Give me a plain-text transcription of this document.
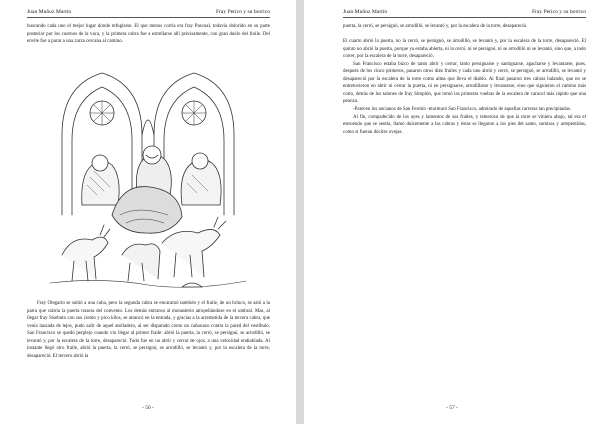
Juan Muñoz Martín	Fray Perico y su borrico

buscando cada uno el mejor lugar donde refugiarse. El que menos corría era fray Pascual, todavía dolorido en su parte posterior por los cuernos de la vaca, y la primera cabra fue a estrellarse allí precisamente, con gran duelo del fraile. Del envite fue a parar a una zarza cercana al camino.

Fray Olegario se subió a una cuba, pero la segunda cabra se encaramó también y el fraile, de un brinco, se asió a la parra que cubría la puerta trasera del convento. Los demás entraron al monasterio atropellándose en el umbral. Mas, al llegar fray Sisebuto con sus ciento y pico kilos, se atrancó en la entrada, y gracias a la arremetida de la tercera cabra, que venía lanzada de lejos, pudo salir de aquel atolladero, al ser disparado como un cañonazo contra la pared del vestíbulo. San Francisco se quedó perplejo cuando vio llegar al primer fraile: abrió la puerta, la cerró, se persignó, se arrodilló, se levantó y, por la escalera de la torre, desapareció. Todo fue en un abrir y cerrar de ojos, a una velocidad endiablada. Al instante llegó otro fraile, abrió la puerta, la cerró, se persignó, se arrodilló, se levantó y, por la escalera de la torre, desapareció. El tercero abrió la

- 56 -
Juan Muñoz Martín	Fray Perico y su borrico

puerta, la cerró, se persignó, se arrodilló, se levantó y, por la escalera de la torre, desapareció.

El cuarto abrió la puerta, no la cerró, se persignó, se arrodilló, se levantó y, por la escalera de la torre, desapareció. El quinto no abrió la puerta, porque ya estaba abierta, ni la cerró, ni se persignó, ni se arrodilló ni se levantó, sino que, a todo correr, por la escalera de la torre, desapareció.

San Francisco estaba bizco de tanto abrir y cerrar, tanto persignarse y santiguarse, agacharse y levantarse, pues, después de los cinco primeros, pasaron otros diez frailes y cada uno abrió y cerró, se persignó, se arrodilló, se levantó y desapareció por la escalera de la torre como alma que lleva el diablo. Al final pasaron tres cabras balando, que no se entretuvieron en abrir ni cerrar la puerta, ni en persignarse, arrodillarse y levantarse, sino que siguieron el camino más corto, detrás de los talones de fray Simplón, que tomó las primeras vueltas de la escalera de caracol más rápido que una peonza.

-Parecen los ancianos de San Fermín -murmuró San Francisco, admirado de aquellas carreras tan precipitadas.

Al fin, compadecido de los ayes y lamentos de sus frailes, y temeroso de que la torre se viniera abajo, tal era el estruendo que se sentía, llamó dulcemente a las cabras y éstas se llegaron a los pies del santo, sumisas y arrepentidas, como si fueran dóciles ovejas.

- 57 -
